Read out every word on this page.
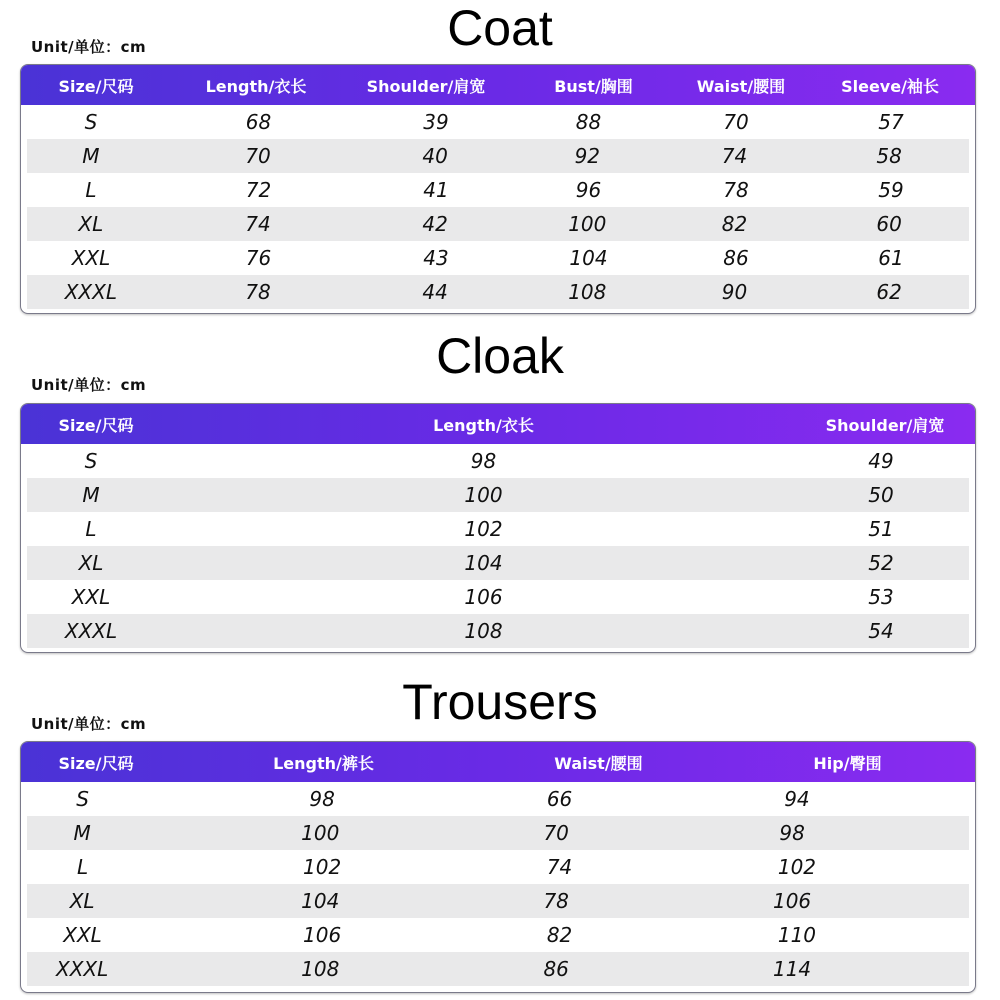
Coat
Unit/单位：cm
Size/尺码	Length/衣长	Shoulder/肩宽	Bust/胸围	Waist/腰围	Sleeve/袖长
S	68	39	88	70	57
M	70	40	92	74	58
L	72	41	96	78	59
XL	74	42	100	82	60
XXL	76	43	104	86	61
XXXL	78	44	108	90	62
Cloak
Unit/单位：cm
Size/尺码	Length/衣长	Shoulder/肩宽
S	98	49
M	100	50
L	102	51
XL	104	52
XXL	106	53
XXXL	108	54
Trousers
Unit/单位：cm
Size/尺码	Length/裤长	Waist/腰围	Hip/臀围
S	98	66	94
M	100	70	98
L	102	74	102
XL	104	78	106
XXL	106	82	110
XXXL	108	86	114
